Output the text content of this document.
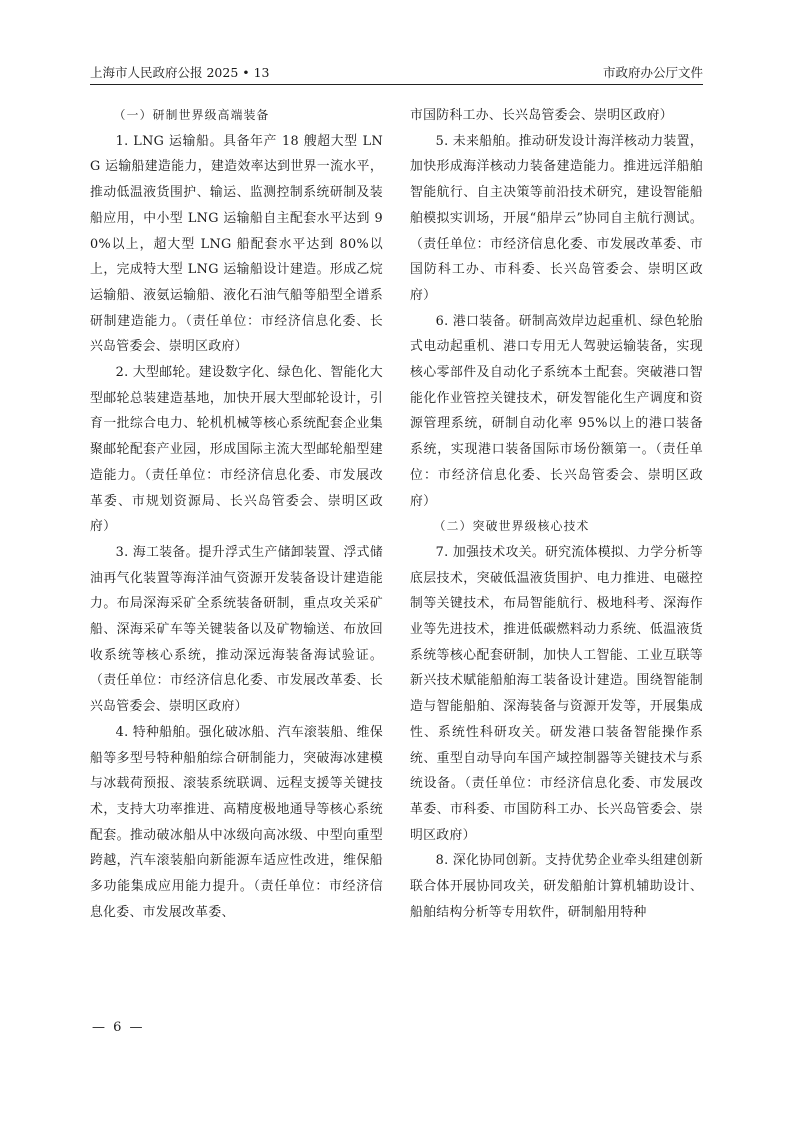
上海市人民政府公报 2025 • 13	市政府办公厅文件
（一）研制世界级高端装备
1. LNG 运输船。具备年产 18 艘超大型 LNG 运输船建造能力，建造效率达到世界一流水平，推动低温液货围护、输运、监测控制系统研制及装船应用，中小型 LNG 运输船自主配套水平达到 90%以上，超大型 LNG 船配套水平达到 80%以上，完成特大型 LNG 运输船设计建造。形成乙烷运输船、液氨运输船、液化石油气船等船型全谱系研制建造能力。（责任单位：市经济信息化委、长兴岛管委会、崇明区政府）
2. 大型邮轮。建设数字化、绿色化、智能化大型邮轮总装建造基地，加快开展大型邮轮设计，引育一批综合电力、轮机机械等核心系统配套企业集聚邮轮配套产业园，形成国际主流大型邮轮船型建造能力。（责任单位：市经济信息化委、市发展改革委、市规划资源局、长兴岛管委会、崇明区政府）
3. 海工装备。提升浮式生产储卸装置、浮式储油再气化装置等海洋油气资源开发装备设计建造能力。布局深海采矿全系统装备研制，重点攻关采矿船、深海采矿车等关键装备以及矿物输送、布放回收系统等核心系统，推动深远海装备海试验证。（责任单位：市经济信息化委、市发展改革委、长兴岛管委会、崇明区政府）
4. 特种船舶。强化破冰船、汽车滚装船、维保船等多型号特种船舶综合研制能力，突破海冰建模与冰载荷预报、滚装系统联调、远程支援等关键技术，支持大功率推进、高精度极地通导等核心系统配套。推动破冰船从中冰级向高冰级、中型向重型跨越，汽车滚装船向新能源车适应性改进，维保船多功能集成应用能力提升。（责任单位：市经济信息化委、市发展改革委、
市国防科工办、长兴岛管委会、崇明区政府）
5. 未来船舶。推动研发设计海洋核动力装置，加快形成海洋核动力装备建造能力。推进远洋船舶智能航行、自主决策等前沿技术研究，建设智能船舶模拟实训场，开展“船岸云”协同自主航行测试。（责任单位：市经济信息化委、市发展改革委、市国防科工办、市科委、长兴岛管委会、崇明区政府）
6. 港口装备。研制高效岸边起重机、绿色轮胎式电动起重机、港口专用无人驾驶运输装备，实现核心零部件及自动化子系统本土配套。突破港口智能化作业管控关键技术，研发智能化生产调度和资源管理系统，研制自动化率 95%以上的港口装备系统，实现港口装备国际市场份额第一。（责任单位：市经济信息化委、长兴岛管委会、崇明区政府）
（二）突破世界级核心技术
7. 加强技术攻关。研究流体模拟、力学分析等底层技术，突破低温液货围护、电力推进、电磁控制等关键技术，布局智能航行、极地科考、深海作业等先进技术，推进低碳燃料动力系统、低温液货系统等核心配套研制，加快人工智能、工业互联等新兴技术赋能船舶海工装备设计建造。围绕智能制造与智能船舶、深海装备与资源开发等，开展集成性、系统性科研攻关。研发港口装备智能操作系统、重型自动导向车国产域控制器等关键技术与系统设备。（责任单位：市经济信息化委、市发展改革委、市科委、市国防科工办、长兴岛管委会、崇明区政府）
8. 深化协同创新。支持优势企业牵头组建创新联合体开展协同攻关，研发船舶计算机辅助设计、船舶结构分析等专用软件，研制船用特种
— 6 —
